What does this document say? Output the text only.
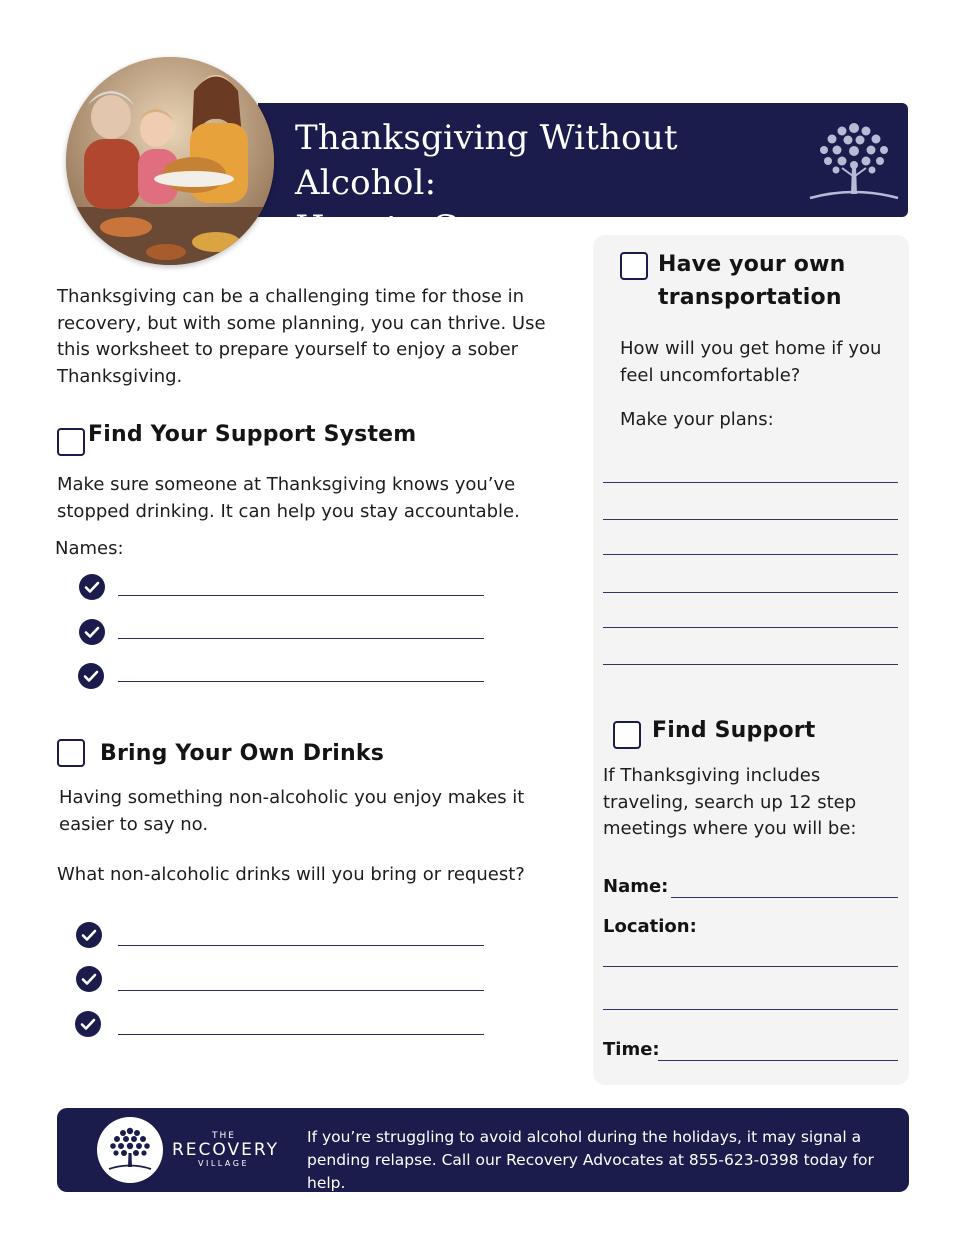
Thanksgiving Without Alcohol:
How to Cope
Thanksgiving can be a challenging time for those in recovery, but with some planning, you can thrive. Use this worksheet to prepare yourself to enjoy a sober Thanksgiving.
Find Your Support System
Make sure someone at Thanksgiving knows you’ve stopped drinking. It can help you stay accountable.
Names:
Bring Your Own Drinks
Having something non-alcoholic you enjoy makes it easier to say no.
What non-alcoholic drinks will you bring or request?
Have your own
transportation
How will you get home if you feel uncomfortable?
Make your plans:
Find Support
If Thanksgiving includes traveling, search up 12 step meetings where you will be:
Name:
Location:
Time:
THE
RECOVERY
VILLAGE
If you’re struggling to avoid alcohol during the holidays, it may signal a pending relapse. Call our Recovery Advocates at 855-623-0398 today for help.
